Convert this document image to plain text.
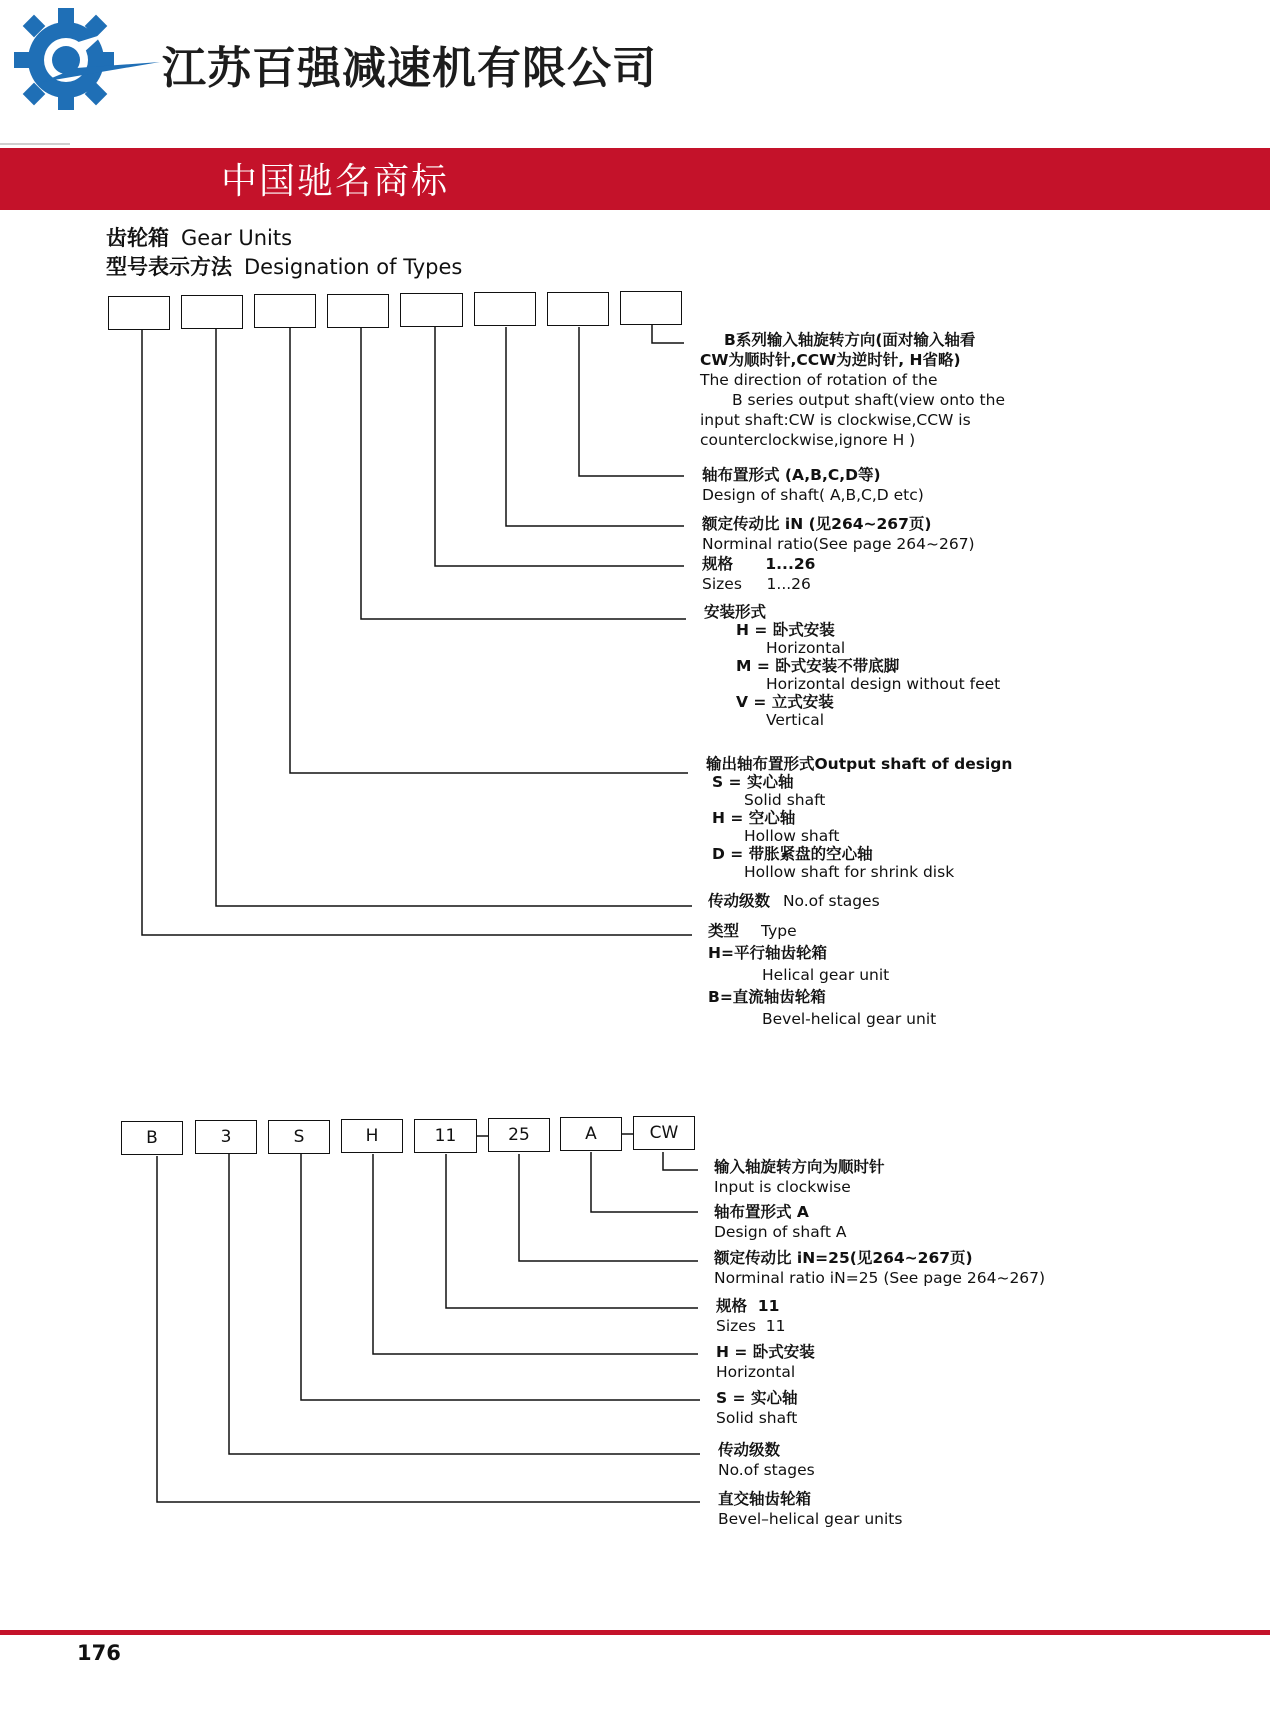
江苏百强减速机有限公司
中国驰名商标
齿轮箱 Gear Units
型号表示方法 Designation of Types
B系列输入轴旋转方向(面对输入轴看
CW为顺时针,CCW为逆时针, H省略)
The direction of rotation of the
B series output shaft(view onto the
input shaft:CW is clockwise,CCW is
counterclockwise,ignore H )
轴布置形式 (A,B,C,D等)
Design of shaft( A,B,C,D etc)
额定传动比 iN (见264~267页)
Norminal ratio(See page 264~267)
规格      1...26
Sizes     1...26
安装形式
H = 卧式安装
Horizontal
M = 卧式安装不带底脚
Horizontal design without feet
V = 立式安装
Vertical
输出轴布置形式Output shaft of design
S = 实心轴
Solid shaft
H = 空心轴
Hollow shaft
D = 带胀紧盘的空心轴
Hollow shaft for shrink disk
传动级数 No.of stages
类型 Type
H=平行轴齿轮箱
Helical gear unit
B=直流轴齿轮箱
Bevel-helical gear unit
B	3	S	H	11	25	A	CW
输入轴旋转方向为顺时针
Input is clockwise
轴布置形式 A
Design of shaft A
额定传动比 iN=25(见264~267页)
Norminal ratio iN=25 (See page 264~267)
规格  11
Sizes  11
H = 卧式安装
Horizontal
S = 实心轴
Solid shaft
传动级数
No.of stages
直交轴齿轮箱
Bevel–helical gear units
176
